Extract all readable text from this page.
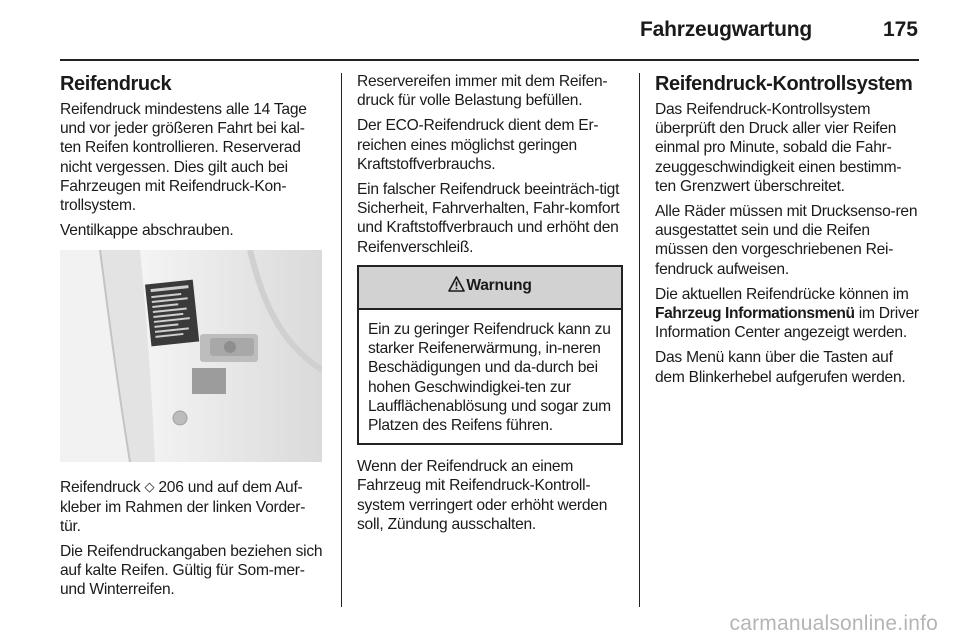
Fahrzeugwartung	175
Reifendruck

Reifendruck mindestens alle 14 Tage und vor jeder größeren Fahrt bei kal-ten Reifen kontrollieren. Reserverad nicht vergessen. Dies gilt auch bei Fahrzeugen mit Reifendruck-Kon-trollsystem.

Ventilkappe abschrauben.

Reifendruck ◇ 206 und auf dem Auf-kleber im Rahmen der linken Vorder-tür.

Die Reifendruckangaben beziehen sich auf kalte Reifen. Gültig für Som-mer- und Winterreifen.

Reservereifen immer mit dem Reifen-druck für volle Belastung befüllen.

Der ECO-Reifendruck dient dem Er-reichen eines möglichst geringen Kraftstoffverbrauchs.

Ein falscher Reifendruck beeinträch-tigt Sicherheit, Fahrverhalten, Fahr-komfort und Kraftstoffverbrauch und erhöht den Reifenverschleiß.

Warnung

Ein zu geringer Reifendruck kann zu starker Reifenerwärmung, in-neren Beschädigungen und da-durch bei hohen Geschwindigkei-ten zur Laufflächenablösung und sogar zum Platzen des Reifens führen.

Wenn der Reifendruck an einem Fahrzeug mit Reifendruck-Kontroll-system verringert oder erhöht werden soll, Zündung ausschalten.

Reifendruck-Kontrollsystem

Das Reifendruck-Kontrollsystem überprüft den Druck aller vier Reifen einmal pro Minute, sobald die Fahr-zeuggeschwindigkeit einen bestimm-ten Grenzwert überschreitet.

Alle Räder müssen mit Drucksenso-ren ausgestattet sein und die Reifen müssen den vorgeschriebenen Rei-fendruck aufweisen.

Die aktuellen Reifendrücke können im Fahrzeug Informationsmenü im Driver Information Center angezeigt werden.

Das Menü kann über die Tasten auf dem Blinkerhebel aufgerufen werden.

carmanualsonline.info
